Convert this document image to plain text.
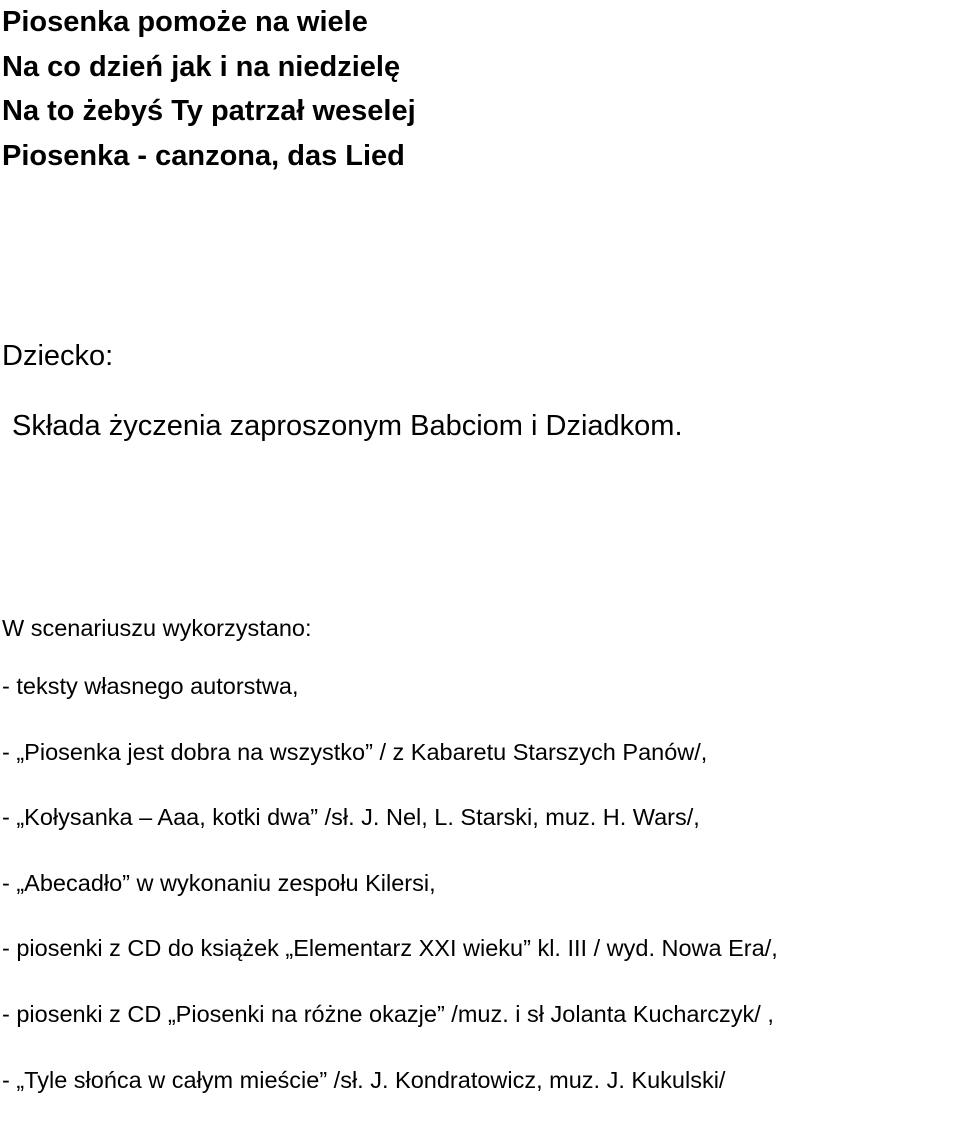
Piosenka pomoże na wiele
Na co dzień jak i na niedzielę
Na to żebyś Ty patrzał weselej
Piosenka - canzona, das Lied
Dziecko:
Składa życzenia zaproszonym Babciom i Dziadkom.
W scenariuszu wykorzystano:
- teksty własnego autorstwa,
- „Piosenka jest dobra na wszystko” / z Kabaretu Starszych Panów/,
- „Kołysanka – Aaa, kotki dwa” /sł. J. Nel, L. Starski, muz. H. Wars/,
- „Abecadło” w wykonaniu zespołu Kilersi,
- piosenki z CD do książek „Elementarz XXI wieku” kl. III / wyd. Nowa Era/,
- piosenki z CD „Piosenki na różne okazje” /muz. i sł Jolanta Kucharczyk/ ,
- „Tyle słońca w całym mieście” /sł. J. Kondratowicz, muz. J. Kukulski/
